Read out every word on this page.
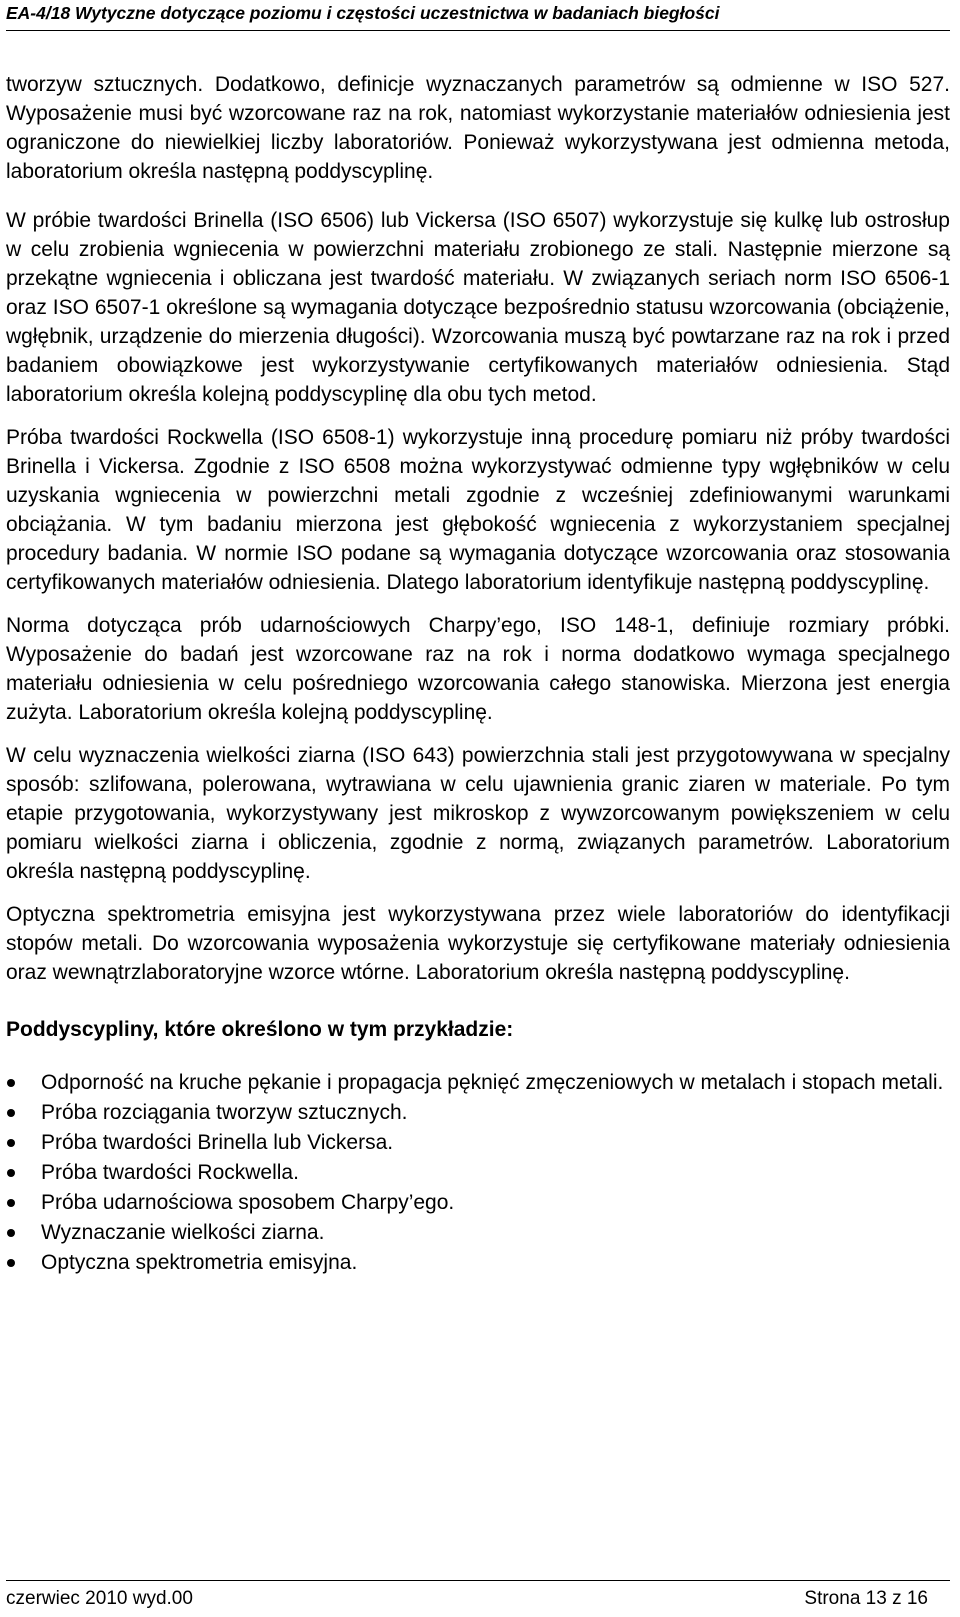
EA-4/18 Wytyczne dotyczące poziomu i częstości uczestnictwa w badaniach biegłości

tworzyw sztucznych. Dodatkowo, definicje wyznaczanych parametrów są odmienne w ISO 527. Wyposażenie musi być wzorcowane raz na rok, natomiast wykorzystanie materiałów odniesienia jest ograniczone do niewielkiej liczby laboratoriów. Ponieważ wykorzystywana jest odmienna metoda, laboratorium określa następną poddyscyplinę.

W próbie twardości Brinella (ISO 6506) lub Vickersa (ISO 6507) wykorzystuje się kulkę lub ostrosłup w celu zrobienia wgniecenia w powierzchni materiału zrobionego ze stali. Następnie mierzone są przekątne wgniecenia i obliczana jest twardość materiału. W związanych seriach norm ISO 6506-1 oraz ISO 6507-1 określone są wymagania dotyczące bezpośrednio statusu wzorcowania (obciążenie, wgłębnik, urządzenie do mierzenia długości). Wzorcowania muszą być powtarzane raz na rok i przed badaniem obowiązkowe jest wykorzystywanie certyfikowanych materiałów odniesienia. Stąd laboratorium określa kolejną poddyscyplinę dla obu tych metod.

Próba twardości Rockwella (ISO 6508-1) wykorzystuje inną procedurę pomiaru niż próby twardości Brinella i Vickersa. Zgodnie z ISO 6508 można wykorzystywać odmienne typy wgłębników w celu uzyskania wgniecenia w powierzchni metali zgodnie z wcześniej zdefiniowanymi warunkami obciążania. W tym badaniu mierzona jest głębokość wgniecenia z wykorzystaniem specjalnej procedury badania. W normie ISO podane są wymagania dotyczące wzorcowania oraz stosowania certyfikowanych materiałów odniesienia. Dlatego laboratorium identyfikuje następną poddyscyplinę.

Norma dotycząca prób udarnościowych Charpy’ego, ISO 148-1, definiuje rozmiary próbki. Wyposażenie do badań jest wzorcowane raz na rok i norma dodatkowo wymaga specjalnego materiału odniesienia w celu pośredniego wzorcowania całego stanowiska. Mierzona jest energia zużyta. Laboratorium określa kolejną poddyscyplinę.

W celu wyznaczenia wielkości ziarna (ISO 643) powierzchnia stali jest przygotowywana w specjalny sposób: szlifowana, polerowana, wytrawiana w celu ujawnienia granic ziaren w materiale. Po tym etapie przygotowania, wykorzystywany jest mikroskop z wywzorcowanym powiększeniem w celu pomiaru wielkości ziarna i obliczenia, zgodnie z normą, związanych parametrów. Laboratorium określa następną poddyscyplinę.

Optyczna spektrometria emisyjna jest wykorzystywana przez wiele laboratoriów do identyfikacji stopów metali. Do wzorcowania wyposażenia wykorzystuje się certyfikowane materiały odniesienia oraz wewnątrzlaboratoryjne wzorce wtórne. Laboratorium określa następną poddyscyplinę.

Poddyscypliny, które określono w tym przykładzie:
Odporność na kruche pękanie i propagacja pęknięć zmęczeniowych w metalach i stopach metali.
Próba rozciągania tworzyw sztucznych.
Próba twardości Brinella lub Vickersa.
Próba twardości Rockwella.
Próba udarnościowa sposobem Charpy’ego.
Wyznaczanie wielkości ziarna.
Optyczna spektrometria emisyjna.
czerwiec 2010 wyd.00	Strona 13 z 16
